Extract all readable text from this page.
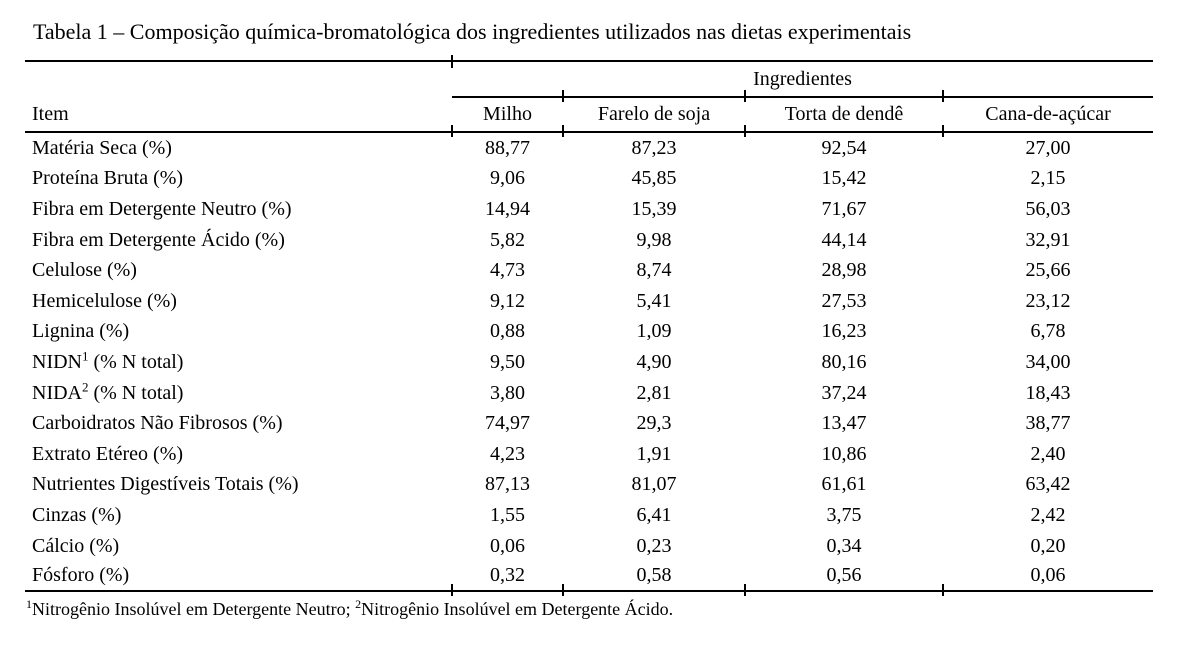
Tabela 1 – Composição química-bromatológica dos ingredientes utilizados nas dietas experimentais

Ingredientes			
Item	Milho	Farelo de soja	Torta de dendê	Cana-de-açúcar
Matéria Seca (%)	88,77	87,23	92,54	27,00
Proteína Bruta (%)	9,06	45,85	15,42	2,15
Fibra em Detergente Neutro (%)	14,94	15,39	71,67	56,03
Fibra em Detergente Ácido (%)	5,82	9,98	44,14	32,91
Celulose (%)	4,73	8,74	28,98	25,66
Hemicelulose (%)	9,12	5,41	27,53	23,12
Lignina (%)	0,88	1,09	16,23	6,78
NIDN$^1$ (% N total)	9,50	4,90	80,16	34,00
NIDA$^2$ (% N total)	3,80	2,81	37,24	18,43
Carboidratos Não Fibrosos (%)	74,97	29,3	13,47	38,77
Extrato Etéreo (%)	4,23	1,91	10,86	2,40
Nutrientes Digestíveis Totais (%)	87,13	81,07	61,61	63,42
Cinzas (%)	1,55	6,41	3,75	2,42
Cálcio (%)	0,06	0,23	0,34	0,20
Fósforo (%)	0,32	0,58	0,56	0,06
$^1$Nitrogênio Insolúvel em Detergente Neutro; $^2$Nitrogênio Insolúvel em Detergente Ácido.
